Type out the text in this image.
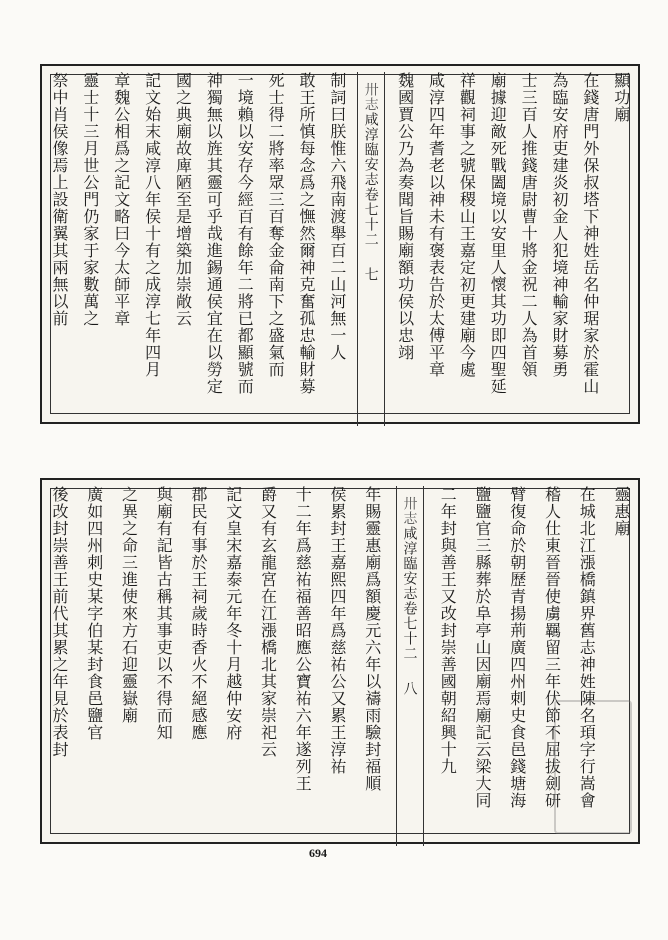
顯功廟
在錢唐門外保叔塔下神姓岳名仲琚家於霍山
為臨安府吏建炎初金人犯境神輸家財募勇
士三百人推錢唐尉曹十將金祝二人為首領
廟據迎敵死戰闔境以安里人懷其功即四聖延
祥觀祠事之號保稷山王嘉定初更建廟今處
咸淳四年耆老以神未有褒表告於太傅平章
魏國賈公乃為奏聞旨賜廟額功侯以忠翊
卅志
咸淳臨安志卷七十二
七
制詞曰朕惟六飛南渡舉百二山河無一人
敢王所慎每念爲之憮然爾神克奮孤忠輸財募
死士得二將率眾三百奪金侖南下之盛氣而
一境賴以安存今經百有餘年二將已都顯號而
神獨無以旌其靈可乎哉進錫通侯宜在以勞定
國之典廟故庳陋至是增築加崇敞云
記文始末咸淳八年侯十有之成淳七年四月
章魏公相爲之記文略曰今太師平章
靈士十三月世公門仍家于家數萬之
祭中肖侯像焉上設衛翼其兩無以前
靈惠廟
在城北江漲橋鎮界舊志神姓陳名頊字行嵩會
稽人仕東晉晉使虜羈留三年伏節不屈拔劍研
臂復命於朝歷青揚荊廣四州刺史食邑錢塘海
鹽鹽官三縣葬於阜亭山因廟焉廟記云梁大同
二年封與善王又改封崇善國朝紹興十九
卅志
咸淳臨安志卷七十二
八
年賜靈惠廟爲額慶元六年以禱雨驗封福順
侯累封王嘉熙四年爲慈祐公又累王淳祐
十二年爲慈祐福善昭應公寶祐六年遂列王
爵又有玄龍宮在江漲橋北其家崇祀云
記文皇宋嘉泰元年冬十月越仲安府
郡民有事於王祠歲時香火不絕感應
與廟有記皆古稱其事吏以不得而知
之異之命三進使來方石迎靈嶽廟
廣如四州刺史某字伯某封食邑鹽官
後改封崇善王前代其累之年見於表封
694
